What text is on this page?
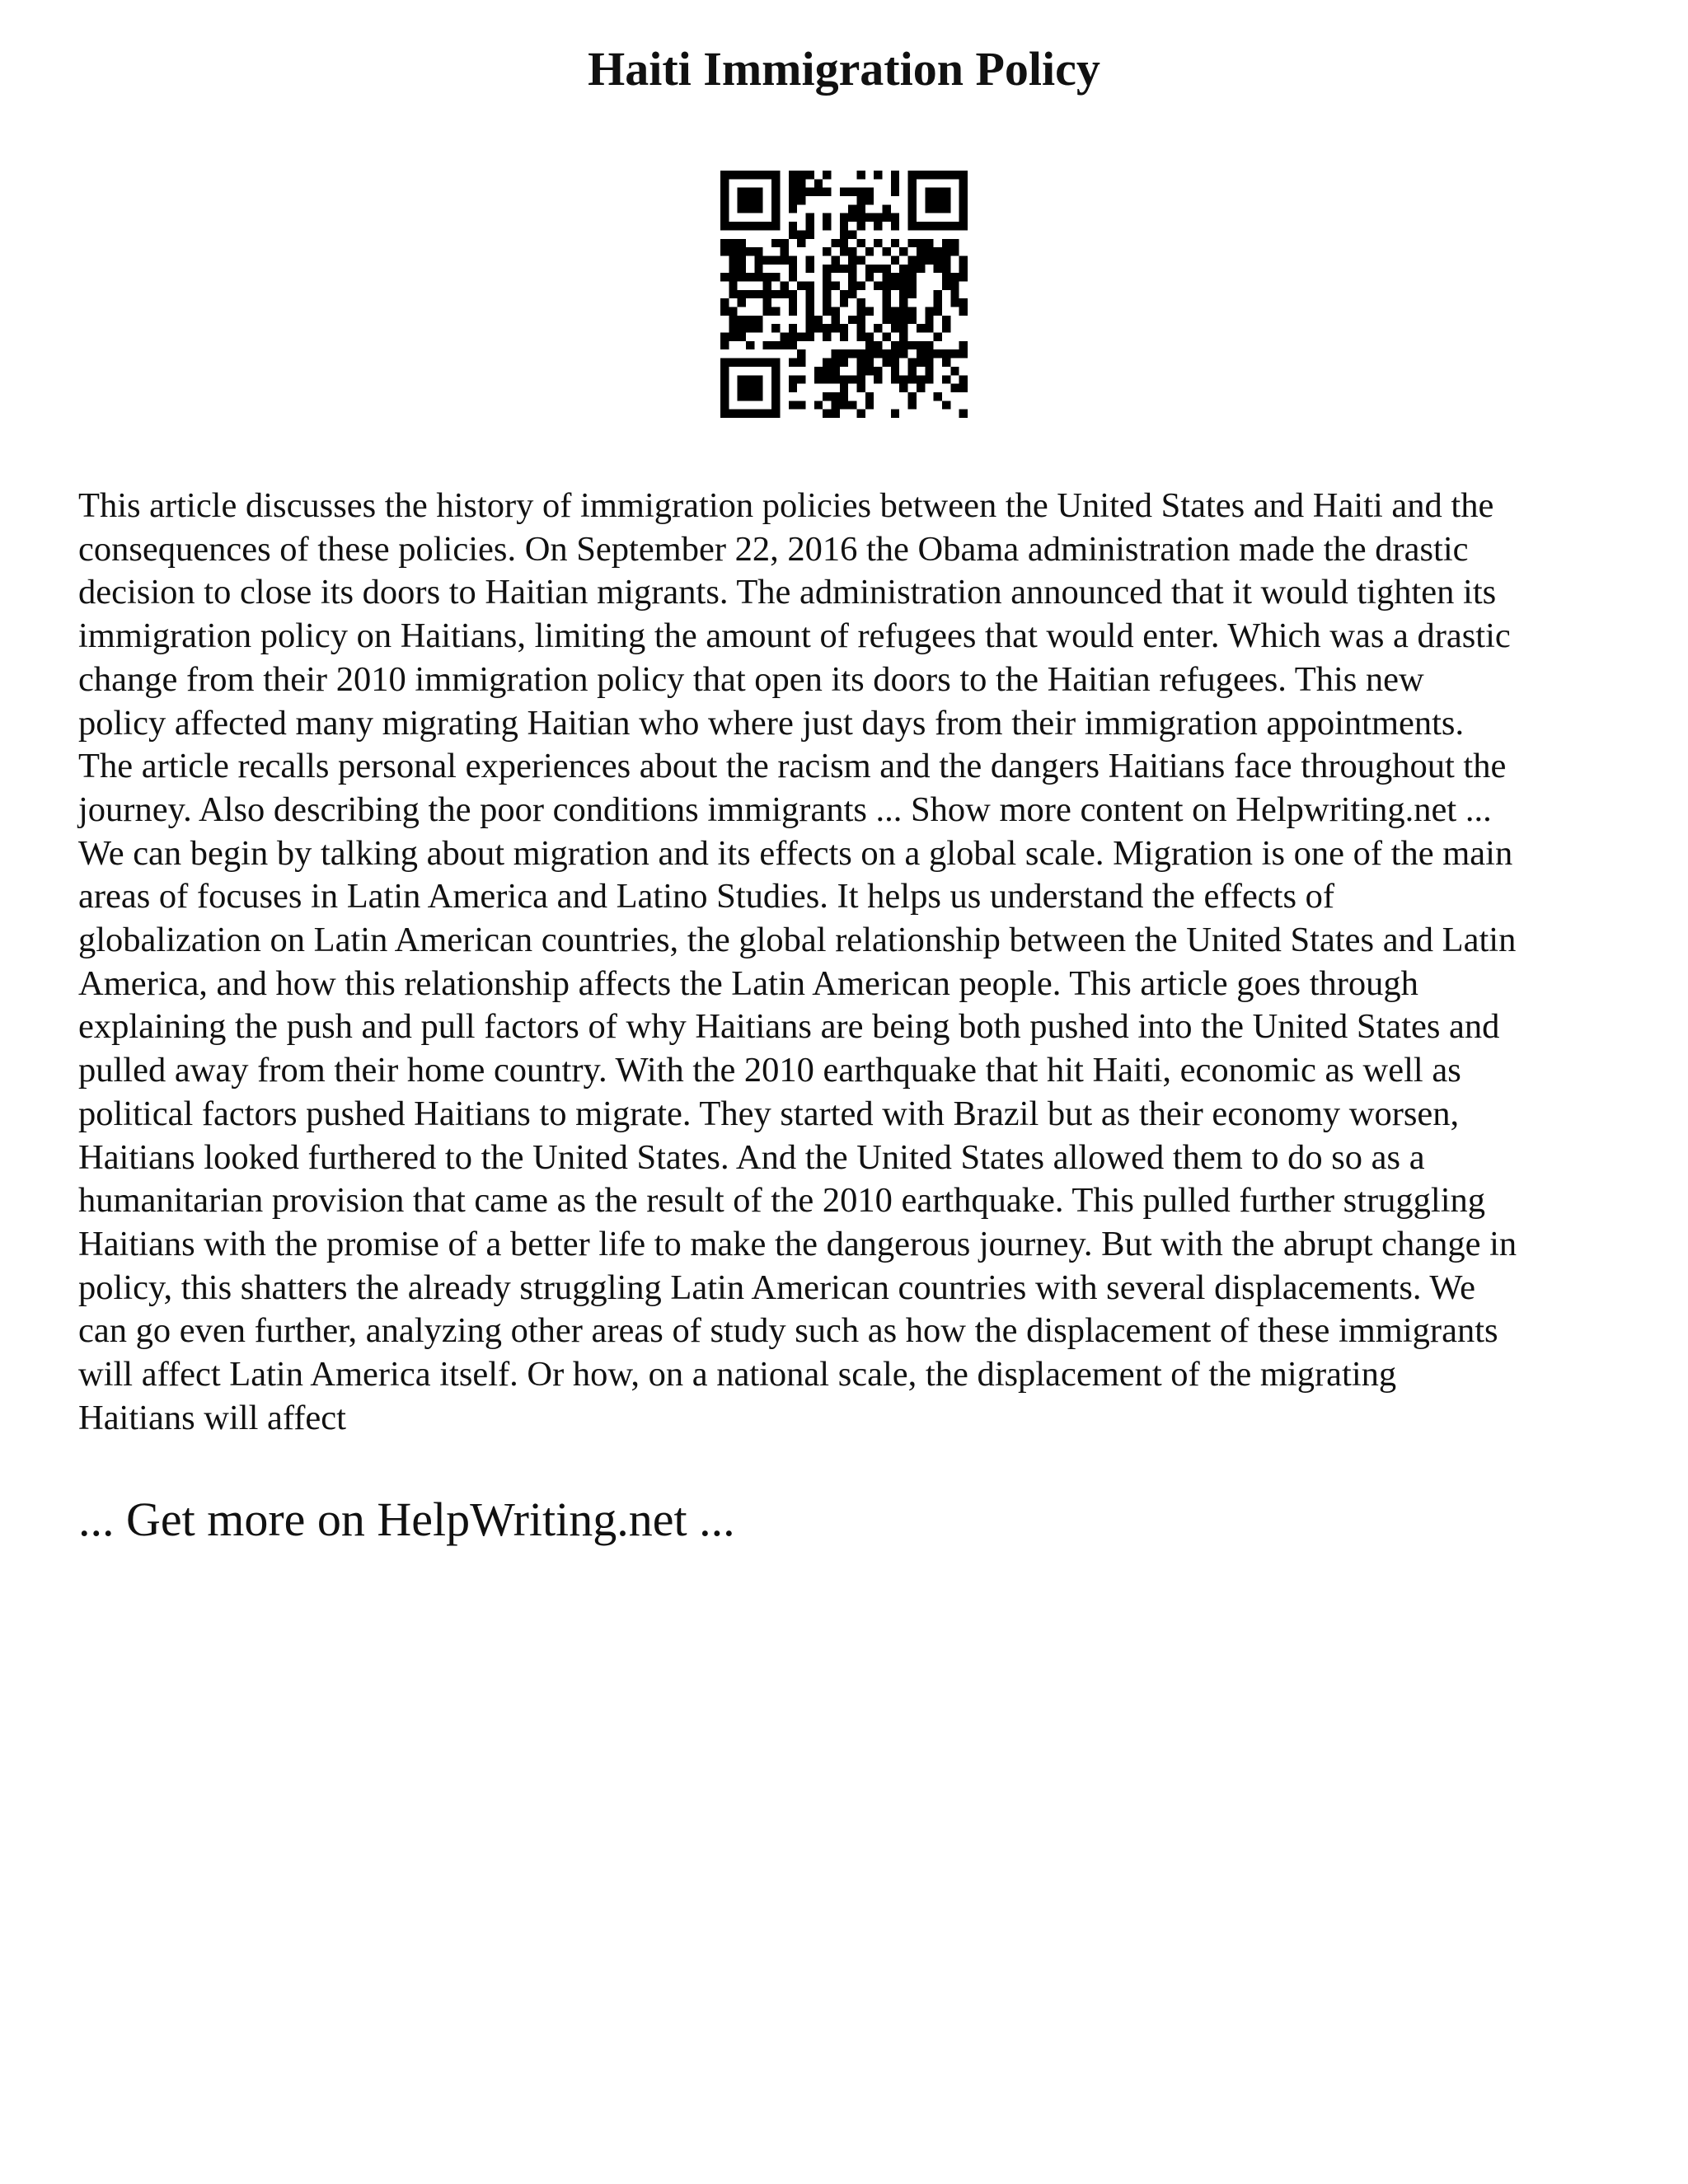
Haiti Immigration Policy

This article discusses the history of immigration policies between the United States and Haiti and the
consequences of these policies. On September 22, 2016 the Obama administration made the drastic
decision to close its doors to Haitian migrants. The administration announced that it would tighten its
immigration policy on Haitians, limiting the amount of refugees that would enter. Which was a drastic
change from their 2010 immigration policy that open its doors to the Haitian refugees. This new
policy affected many migrating Haitian who where just days from their immigration appointments.
The article recalls personal experiences about the racism and the dangers Haitians face throughout the
journey. Also describing the poor conditions immigrants ... Show more content on Helpwriting.net ...
We can begin by talking about migration and its effects on a global scale. Migration is one of the main
areas of focuses in Latin America and Latino Studies. It helps us understand the effects of
globalization on Latin American countries, the global relationship between the United States and Latin
America, and how this relationship affects the Latin American people. This article goes through
explaining the push and pull factors of why Haitians are being both pushed into the United States and
pulled away from their home country. With the 2010 earthquake that hit Haiti, economic as well as
political factors pushed Haitians to migrate. They started with Brazil but as their economy worsen,
Haitians looked furthered to the United States. And the United States allowed them to do so as a
humanitarian provision that came as the result of the 2010 earthquake. This pulled further struggling
Haitians with the promise of a better life to make the dangerous journey. But with the abrupt change in
policy, this shatters the already struggling Latin American countries with several displacements. We
can go even further, analyzing other areas of study such as how the displacement of these immigrants
will affect Latin America itself. Or how, on a national scale, the displacement of the migrating
Haitians will affect

... Get more on HelpWriting.net ...
